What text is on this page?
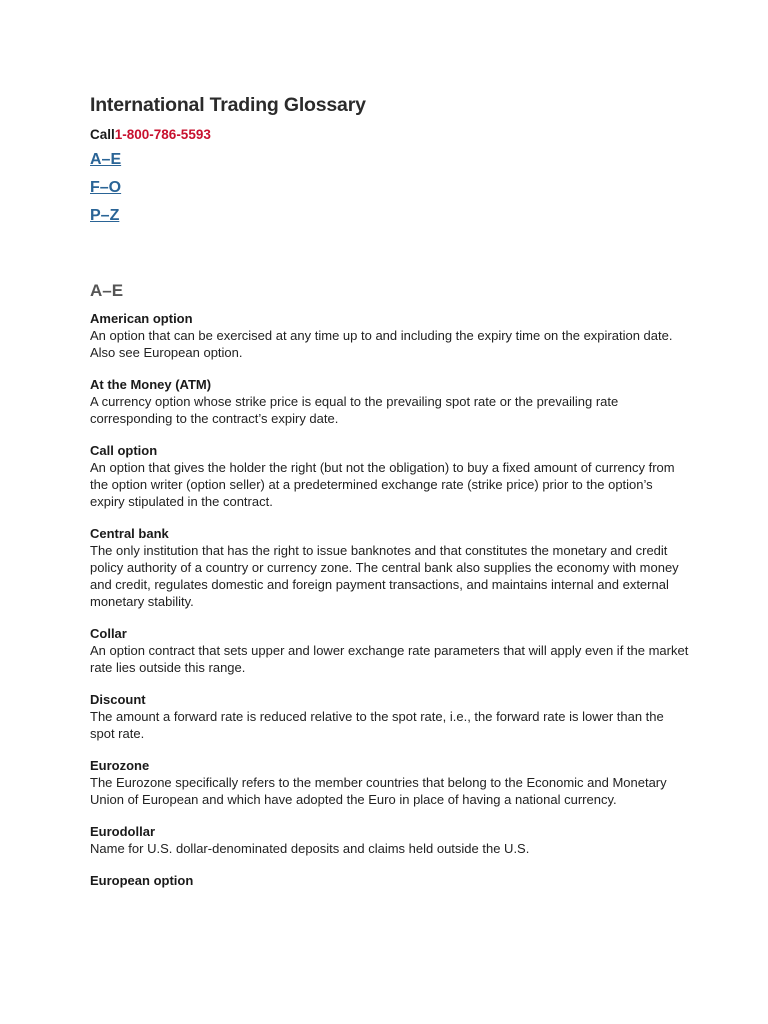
International Trading Glossary
Call1-800-786-5593
A–E
F–O
P–Z
A–E
American option
An option that can be exercised at any time up to and including the expiry time on the expiration date. Also see European option.
At the Money (ATM)
A currency option whose strike price is equal to the prevailing spot rate or the prevailing rate corresponding to the contract’s expiry date.
Call option
An option that gives the holder the right (but not the obligation) to buy a fixed amount of currency from the option writer (option seller) at a predetermined exchange rate (strike price) prior to the option’s expiry stipulated in the contract.
Central bank
The only institution that has the right to issue banknotes and that constitutes the monetary and credit policy authority of a country or currency zone. The central bank also supplies the economy with money and credit, regulates domestic and foreign payment transactions, and maintains internal and external monetary stability.
Collar
An option contract that sets upper and lower exchange rate parameters that will apply even if the market rate lies outside this range.
Discount
The amount a forward rate is reduced relative to the spot rate, i.e., the forward rate is lower than the spot rate.
Eurozone
The Eurozone specifically refers to the member countries that belong to the Economic and Monetary Union of European and which have adopted the Euro in place of having a national currency.
Eurodollar
Name for U.S. dollar-denominated deposits and claims held outside the U.S.
European option
